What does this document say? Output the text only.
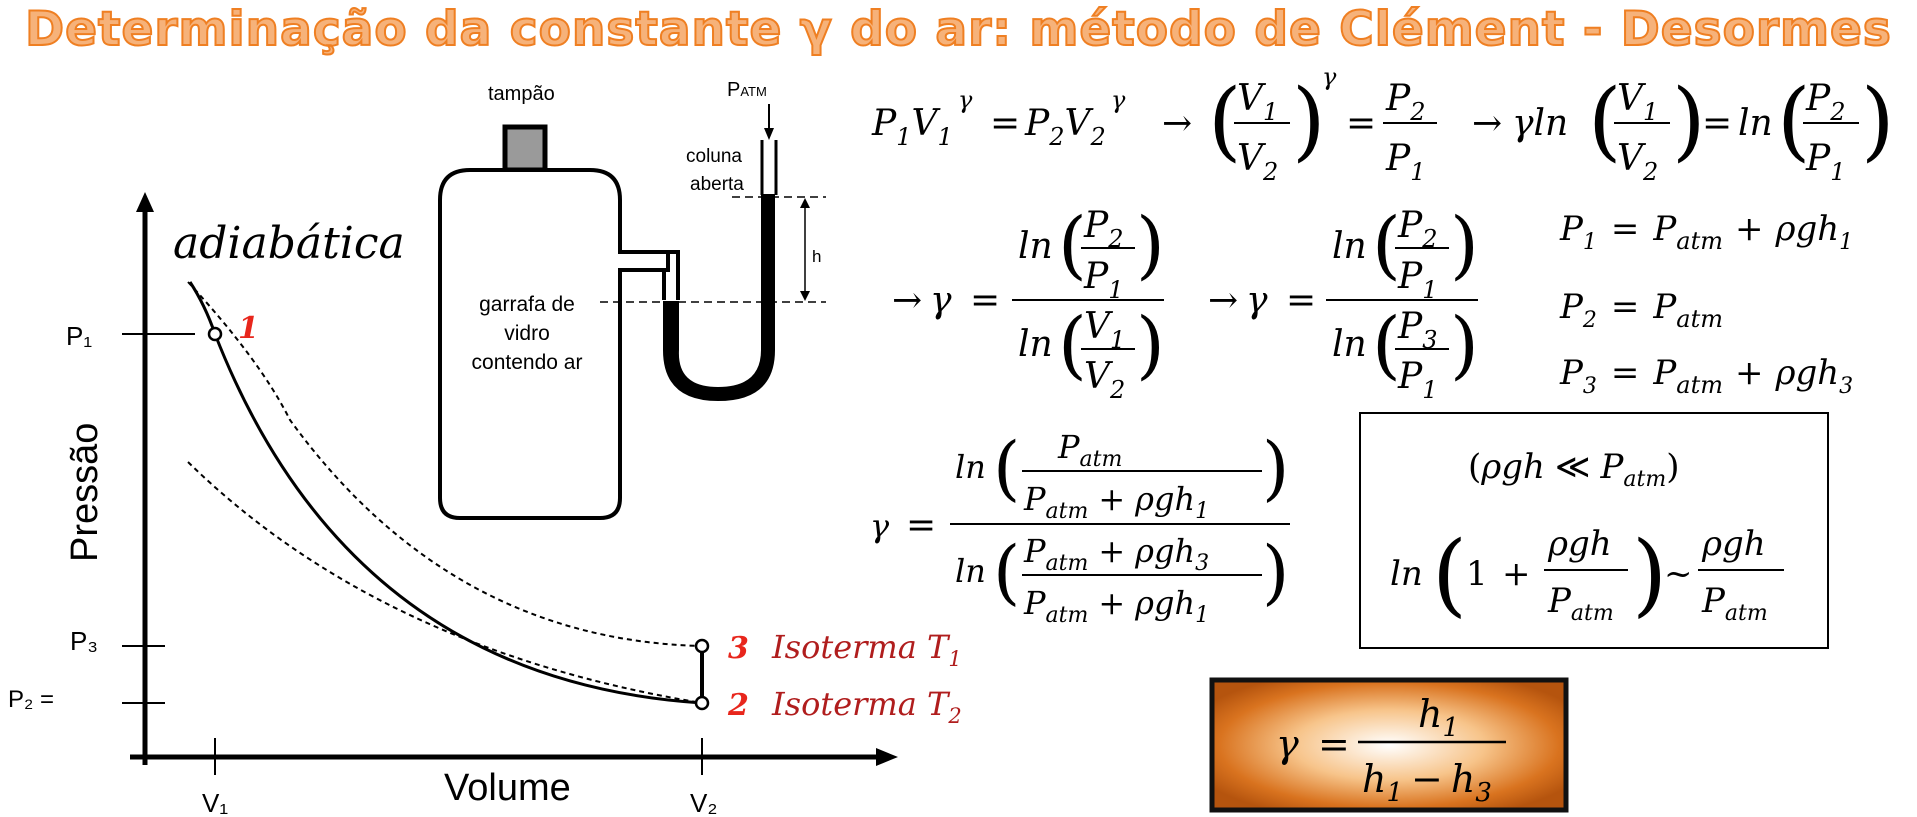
Determinação da constante γ do ar: método de Clément - Desormes
tampão
garrafa de
vidro
contendo ar
PATM
coluna
aberta
h
P₁
P₃
P₂ =
V₁	V₂
Pressão
Volume
adiabática
1
3
2
Isoterma $T_1$
Isoterma $T_2$
$P_1V_1$
γ
= $P_2V_2$
γ
→ (
$V_1$
$V_2$
)
γ
=
$P_2$
$P_1$
→ γln (
$V_1$
$V_2$
)
= ln (
$P_2$
$P_1$
)
→ γ =
ln (
$P_2$
$P_1$
)
ln (
$V_1$
$V_2$
)
→ γ =
ln (
$P_2$
$P_1$
)
ln (
$P_3$
$P_1$
)
$P_1 = P_{atm} + \rho gh_1$
$P_2 = P_{atm}$
$P_3 = P_{atm} + \rho gh_3$
γ =
ln ( $P_{atm}$
$P_{atm} + \rho gh_1$
)
ln ( $P_{atm} + \rho gh_3$
$P_{atm} + \rho gh_1$
)
(ρgh ≪ $P_{atm}$)
ln (
1 +
ρgh
$P_{atm}$ )
~
ρgh
$P_{atm}$
γ =
$h_1$
$h_1 - h_3$
